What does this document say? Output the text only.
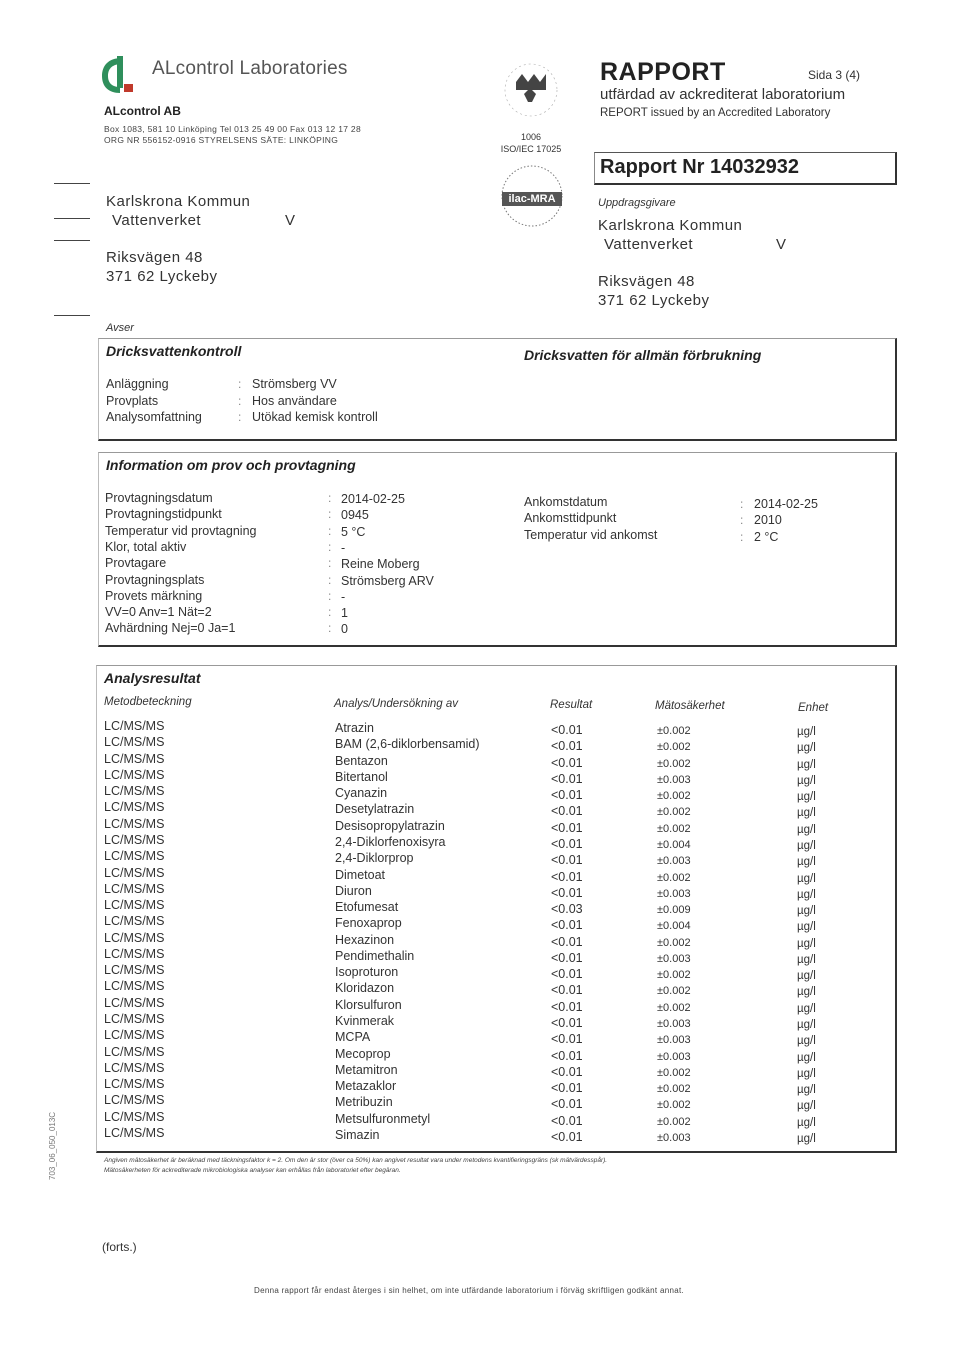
ALcontrol Laboratories
ALcontrol AB
Box 1083, 581 10 Linköping Tel 013 25 49 00 Fax 013 12 17 28
ORG NR 556152-0916 STYRELSENS SÄTE: LINKÖPING	1006
ISO/IEC 17025
ilac-MRA
RAPPORT	Sida 3 (4)
utfärdad av ackrediterat laboratorium
REPORT issued by an Accredited Laboratory
Rapport Nr 14032932
Karlskrona Kommun
Vattenverket	V
Riksvägen 48
371 62 Lyckeby
Uppdragsgivare
Karlskrona Kommun
Vattenverket	V
Riksvägen 48
371 62 Lyckeby
Avser
Dricksvattenkontroll	Dricksvatten för allmän förbrukning
Anläggning	: Strömsberg VV
Provplats	: Hos användare
Analysomfattning	: Utökad kemisk kontroll
Information om prov och provtagning
Provtagningsdatum	: 2014-02-25
Provtagningstidpunkt	: 0945
Temperatur vid provtagning	: 5 °C
Klor, total aktiv	: -
Provtagare	: Reine Moberg
Provtagningsplats	: Strömsberg ARV
Provets märkning	: -
VV=0 Anv=1 Nät=2	: 1
Avhärdning Nej=0 Ja=1	: 0
Ankomstdatum	: 2014-02-25
Ankomsttidpunkt	: 2010
Temperatur vid ankomst	: 2 °C
Analysresultat
Metodbeteckning	Analys/Undersökning av	Resultat	Mätosäkerhet	Enhet
LC/MS/MS	Atrazin	<0.01	±0.002	µg/l
LC/MS/MS	BAM (2,6-diklorbensamid)	<0.01	±0.002	µg/l
LC/MS/MS	Bentazon	<0.01	±0.002	µg/l
LC/MS/MS	Bitertanol	<0.01	±0.003	µg/l
LC/MS/MS	Cyanazin	<0.01	±0.002	µg/l
LC/MS/MS	Desetylatrazin	<0.01	±0.002	µg/l
LC/MS/MS	Desisopropylatrazin	<0.01	±0.002	µg/l
LC/MS/MS	2,4-Diklorfenoxisyra	<0.01	±0.004	µg/l
LC/MS/MS	2,4-Diklorprop	<0.01	±0.003	µg/l
LC/MS/MS	Dimetoat	<0.01	±0.002	µg/l
LC/MS/MS	Diuron	<0.01	±0.003	µg/l
LC/MS/MS	Etofumesat	<0.03	±0.009	µg/l
LC/MS/MS	Fenoxaprop	<0.01	±0.004	µg/l
LC/MS/MS	Hexazinon	<0.01	±0.002	µg/l
LC/MS/MS	Pendimethalin	<0.01	±0.003	µg/l
LC/MS/MS	Isoproturon	<0.01	±0.002	µg/l
LC/MS/MS	Kloridazon	<0.01	±0.002	µg/l
LC/MS/MS	Klorsulfuron	<0.01	±0.002	µg/l
LC/MS/MS	Kvinmerak	<0.01	±0.003	µg/l
LC/MS/MS	MCPA	<0.01	±0.003	µg/l
LC/MS/MS	Mecoprop	<0.01	±0.003	µg/l
LC/MS/MS	Metamitron	<0.01	±0.002	µg/l
LC/MS/MS	Metazaklor	<0.01	±0.002	µg/l
LC/MS/MS	Metribuzin	<0.01	±0.002	µg/l
LC/MS/MS	Metsulfuronmetyl	<0.01	±0.002	µg/l
LC/MS/MS	Simazin	<0.01	±0.003	µg/l
Angiven mätosäkerhet är beräknad med täckningsfaktor k = 2. Om den är stor (över ca 50%) kan angivet resultat vara under metodens kvantifieringsgräns (sk mätvärdesspår).
Mätosäkerheten för ackrediterade mikrobiologiska analyser kan erhållas från laboratoriet efter begäran.
(forts.)
Denna rapport får endast återges i sin helhet, om inte utfärdande laboratorium i förväg skriftligen godkänt annat.
703_06_050_013C
